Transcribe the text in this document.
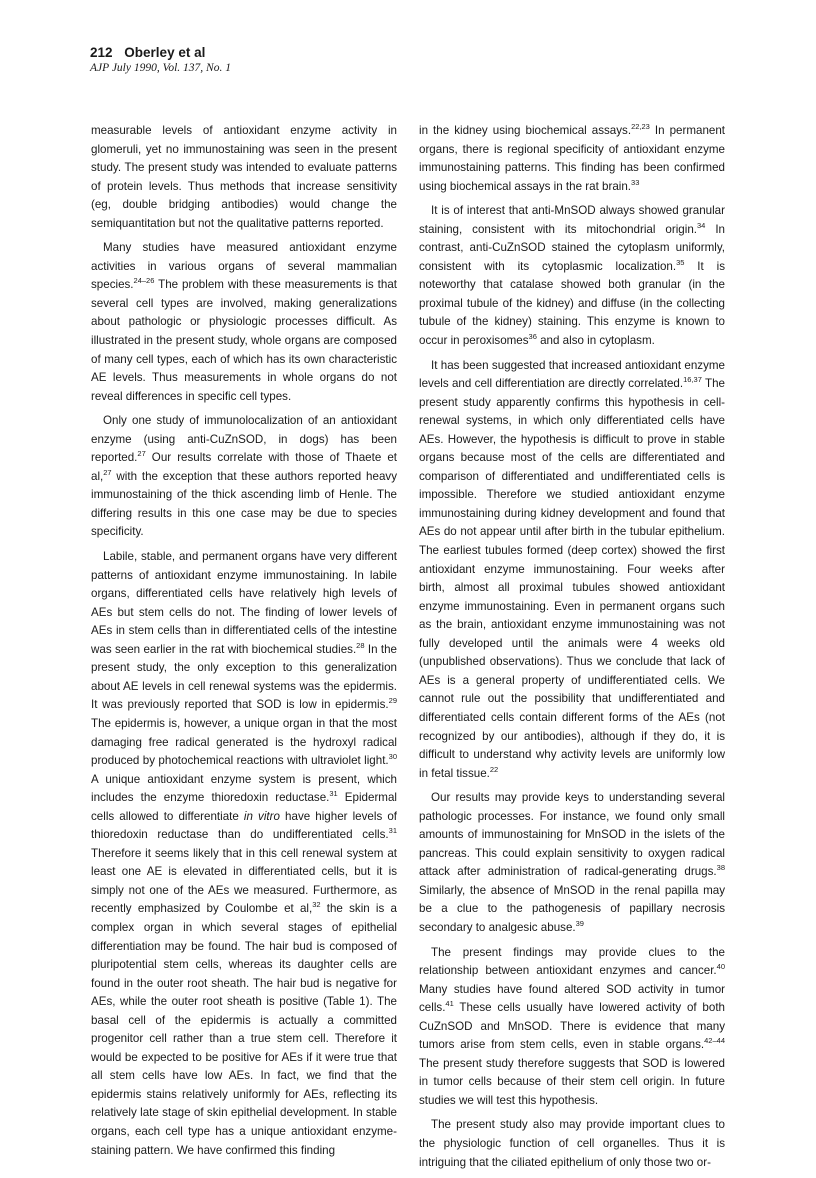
212 Oberley et al
AJP July 1990, Vol. 137, No. 1

measurable levels of antioxidant enzyme activity in glomeruli, yet no immunostaining was seen in the present study. The present study was intended to evaluate patterns of protein levels. Thus methods that increase sensitivity (eg, double bridging antibodies) would change the semiquantitation but not the qualitative patterns reported.

Many studies have measured antioxidant enzyme activities in various organs of several mammalian species.$^{24-26}$ The problem with these measurements is that several cell types are involved, making generalizations about pathologic or physiologic processes difficult. As illustrated in the present study, whole organs are composed of many cell types, each of which has its own characteristic AE levels. Thus measurements in whole organs do not reveal differences in specific cell types.

Only one study of immunolocalization of an antioxidant enzyme (using anti-CuZnSOD, in dogs) has been reported.$^{27}$ Our results correlate with those of Thaete et al,$^{27}$ with the exception that these authors reported heavy immunostaining of the thick ascending limb of Henle. The differing results in this one case may be due to species specificity.

Labile, stable, and permanent organs have very different patterns of antioxidant enzyme immunostaining. In labile organs, differentiated cells have relatively high levels of AEs but stem cells do not. The finding of lower levels of AEs in stem cells than in differentiated cells of the intestine was seen earlier in the rat with biochemical studies.$^{28}$ In the present study, the only exception to this generalization about AE levels in cell renewal systems was the epidermis. It was previously reported that SOD is low in epidermis.$^{29}$ The epidermis is, however, a unique organ in that the most damaging free radical generated is the hydroxyl radical produced by photochemical reactions with ultraviolet light.$^{30}$ A unique antioxidant enzyme system is present, which includes the enzyme thioredoxin reductase.$^{31}$ Epidermal cells allowed to differentiate in vitro have higher levels of thioredoxin reductase than do undifferentiated cells.$^{31}$ Therefore it seems likely that in this cell renewal system at least one AE is elevated in differentiated cells, but it is simply not one of the AEs we measured. Furthermore, as recently emphasized by Coulombe et al,$^{32}$ the skin is a complex organ in which several stages of epithelial differentiation may be found. The hair bud is composed of pluripotential stem cells, whereas its daughter cells are found in the outer root sheath. The hair bud is negative for AEs, while the outer root sheath is positive (Table 1). The basal cell of the epidermis is actually a committed progenitor cell rather than a true stem cell. Therefore it would be expected to be positive for AEs if it were true that all stem cells have low AEs. In fact, we find that the epidermis stains relatively uniformly for AEs, reflecting its relatively late stage of skin epithelial development. In stable organs, each cell type has a unique antioxidant enzyme-staining pattern. We have confirmed this finding

in the kidney using biochemical assays.$^{22,23}$ In permanent organs, there is regional specificity of antioxidant enzyme immunostaining patterns. This finding has been confirmed using biochemical assays in the rat brain.$^{33}$

It is of interest that anti-MnSOD always showed granular staining, consistent with its mitochondrial origin.$^{34}$ In contrast, anti-CuZnSOD stained the cytoplasm uniformly, consistent with its cytoplasmic localization.$^{35}$ It is noteworthy that catalase showed both granular (in the proximal tubule of the kidney) and diffuse (in the collecting tubule of the kidney) staining. This enzyme is known to occur in peroxisomes$^{36}$ and also in cytoplasm.

It has been suggested that increased antioxidant enzyme levels and cell differentiation are directly correlated.$^{16,37}$ The present study apparently confirms this hypothesis in cell-renewal systems, in which only differentiated cells have AEs. However, the hypothesis is difficult to prove in stable organs because most of the cells are differentiated and comparison of differentiated and undifferentiated cells is impossible. Therefore we studied antioxidant enzyme immunostaining during kidney development and found that AEs do not appear until after birth in the tubular epithelium. The earliest tubules formed (deep cortex) showed the first antioxidant enzyme immunostaining. Four weeks after birth, almost all proximal tubules showed antioxidant enzyme immunostaining. Even in permanent organs such as the brain, antioxidant enzyme immunostaining was not fully developed until the animals were 4 weeks old (unpublished observations). Thus we conclude that lack of AEs is a general property of undifferentiated cells. We cannot rule out the possibility that undifferentiated and differentiated cells contain different forms of the AEs (not recognized by our antibodies), although if they do, it is difficult to understand why activity levels are uniformly low in fetal tissue.$^{22}$

Our results may provide keys to understanding several pathologic processes. For instance, we found only small amounts of immunostaining for MnSOD in the islets of the pancreas. This could explain sensitivity to oxygen radical attack after administration of radical-generating drugs.$^{38}$ Similarly, the absence of MnSOD in the renal papilla may be a clue to the pathogenesis of papillary necrosis secondary to analgesic abuse.$^{39}$

The present findings may provide clues to the relationship between antioxidant enzymes and cancer.$^{40}$ Many studies have found altered SOD activity in tumor cells.$^{41}$ These cells usually have lowered activity of both CuZnSOD and MnSOD. There is evidence that many tumors arise from stem cells, even in stable organs.$^{42-44}$ The present study therefore suggests that SOD is lowered in tumor cells because of their stem cell origin. In future studies we will test this hypothesis.

The present study also may provide important clues to the physiologic function of cell organelles. Thus it is intriguing that the ciliated epithelium of only those two or-
